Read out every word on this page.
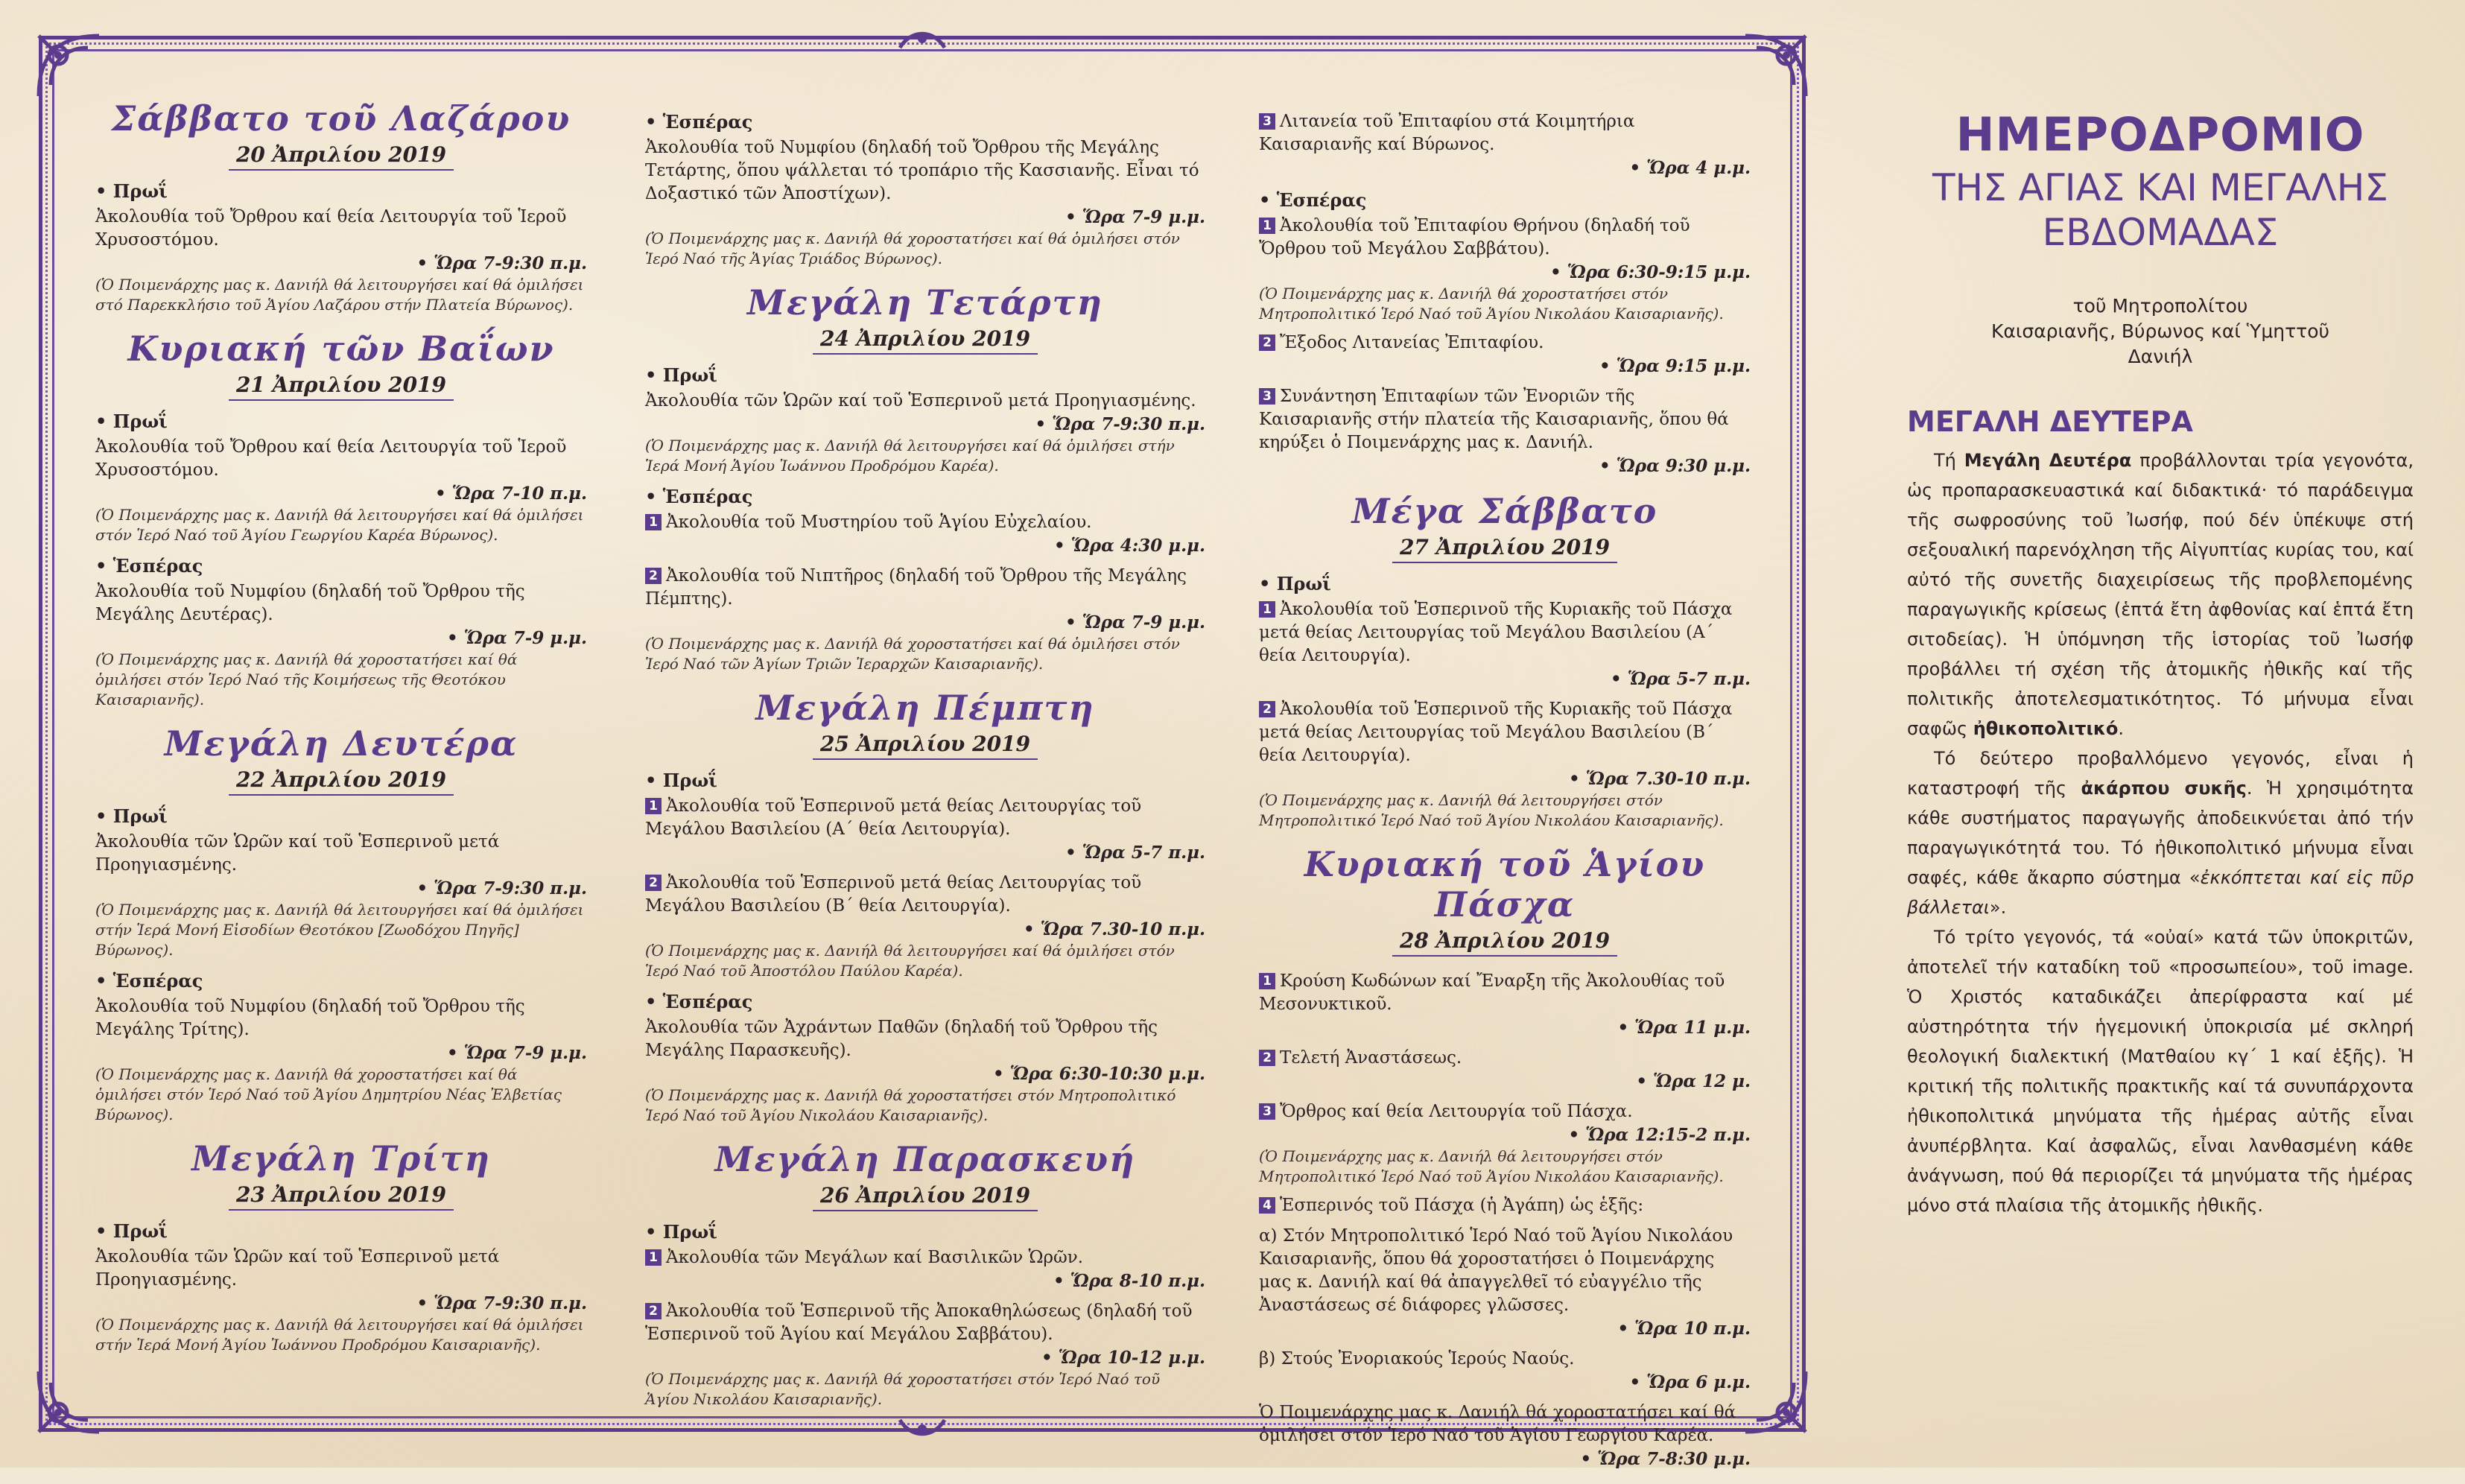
Σάββατο τοῦ Λαζάρου
20 Ἀπριλίου 2019
• Πρωΐ
Ἀκολουθία τοῦ Ὄρθρου καί θεία Λειτουργία τοῦ Ἱεροῦ Χρυσοστόμου.
• Ὥρα 7-9:30 π.μ.
(Ὁ Ποιμενάρχης μας κ. Δανιήλ θά λειτουργήσει καί θά ὁμιλήσει στό Παρεκκλήσιο τοῦ Ἁγίου Λαζάρου στήν Πλατεία Βύρωνος).
Κυριακή τῶν Βαΐων
21 Ἀπριλίου 2019
• Πρωΐ
Ἀκολουθία τοῦ Ὄρθρου καί θεία Λειτουργία τοῦ Ἱεροῦ Χρυσοστόμου.
• Ὥρα 7-10 π.μ.
(Ὁ Ποιμενάρχης μας κ. Δανιήλ θά λειτουργήσει καί θά ὁμιλήσει στόν Ἱερό Ναό τοῦ Ἁγίου Γεωργίου Καρέα Βύρωνος).
• Ἑσπέρας
Ἀκολουθία τοῦ Νυμφίου (δηλαδή τοῦ Ὄρθρου τῆς Μεγάλης Δευτέρας).
• Ὥρα 7-9 μ.μ.
(Ὁ Ποιμενάρχης μας κ. Δανιήλ θά χοροστατήσει καί θά ὁμιλήσει στόν Ἱερό Ναό τῆς Κοιμήσεως τῆς Θεοτόκου Καισαριανῆς).
Μεγάλη Δευτέρα
22 Ἀπριλίου 2019
• Πρωΐ
Ἀκολουθία τῶν Ὡρῶν καί τοῦ Ἑσπερινοῦ μετά Προηγιασμένης.
• Ὥρα 7-9:30 π.μ.
(Ὁ Ποιμενάρχης μας κ. Δανιήλ θά λειτουργήσει καί θά ὁμιλήσει στήν Ἱερά Μονή Εἰσοδίων Θεοτόκου [Ζωοδόχου Πηγῆς] Βύρωνος).
• Ἑσπέρας
Ἀκολουθία τοῦ Νυμφίου (δηλαδή τοῦ Ὄρθρου τῆς Μεγάλης Τρίτης).
• Ὥρα 7-9 μ.μ.
(Ὁ Ποιμενάρχης μας κ. Δανιήλ θά χοροστατήσει καί θά ὁμιλήσει στόν Ἱερό Ναό τοῦ Ἁγίου Δημητρίου Νέας Ἐλβετίας Βύρωνος).
Μεγάλη Τρίτη
23 Ἀπριλίου 2019
• Πρωΐ
Ἀκολουθία τῶν Ὡρῶν καί τοῦ Ἑσπερινοῦ μετά Προηγιασμένης.
• Ὥρα 7-9:30 π.μ.
(Ὁ Ποιμενάρχης μας κ. Δανιήλ θά λειτουργήσει καί θά ὁμιλήσει στήν Ἱερά Μονή Ἁγίου Ἰωάννου Προδρόμου Καισαριανῆς).
• Ἑσπέρας
Ἀκολουθία τοῦ Νυμφίου (δηλαδή τοῦ Ὄρθρου τῆς Μεγάλης Τετάρτης, ὅπου ψάλλεται τό τροπάριο τῆς Κασσιανῆς. Εἶναι τό Δοξαστικό τῶν Ἀποστίχων).
• Ὥρα 7-9 μ.μ.
(Ὁ Ποιμενάρχης μας κ. Δανιήλ θά χοροστατήσει καί θά ὁμιλήσει στόν Ἱερό Ναό τῆς Ἁγίας Τριάδος Βύρωνος).
Μεγάλη Τετάρτη
24 Ἀπριλίου 2019
• Πρωΐ
Ἀκολουθία τῶν Ὡρῶν καί τοῦ Ἑσπερινοῦ μετά Προηγιασμένης.
• Ὥρα 7-9:30 π.μ.
(Ὁ Ποιμενάρχης μας κ. Δανιήλ θά λειτουργήσει καί θά ὁμιλήσει στήν Ἱερά Μονή Ἁγίου Ἰωάννου Προδρόμου Καρέα).
• Ἑσπέρας
1 Ἀκολουθία τοῦ Μυστηρίου τοῦ Ἁγίου Εὐχελαίου.
• Ὥρα 4:30 μ.μ.
2 Ἀκολουθία τοῦ Νιπτῆρος (δηλαδή τοῦ Ὄρθρου τῆς Μεγάλης Πέμπτης).
• Ὥρα 7-9 μ.μ.
(Ὁ Ποιμενάρχης μας κ. Δανιήλ θά χοροστατήσει καί θά ὁμιλήσει στόν Ἱερό Ναό τῶν Ἁγίων Τριῶν Ἱεραρχῶν Καισαριανῆς).
Μεγάλη Πέμπτη
25 Ἀπριλίου 2019
• Πρωΐ
1 Ἀκολουθία τοῦ Ἑσπερινοῦ μετά θείας Λειτουργίας τοῦ Μεγάλου Βασιλείου (Α΄ θεία Λειτουργία).
• Ὥρα 5-7 π.μ.
2 Ἀκολουθία τοῦ Ἑσπερινοῦ μετά θείας Λειτουργίας τοῦ Μεγάλου Βασιλείου (Β΄ θεία Λειτουργία).
• Ὥρα 7.30-10 π.μ.
(Ὁ Ποιμενάρχης μας κ. Δανιήλ θά λειτουργήσει καί θά ὁμιλήσει στόν Ἱερό Ναό τοῦ Ἀποστόλου Παύλου Καρέα).
• Ἑσπέρας
Ἀκολουθία τῶν Ἀχράντων Παθῶν (δηλαδή τοῦ Ὄρθρου τῆς Μεγάλης Παρασκευῆς).
• Ὥρα 6:30-10:30 μ.μ.
(Ὁ Ποιμενάρχης μας κ. Δανιήλ θά χοροστατήσει στόν Μητροπολιτικό Ἱερό Ναό τοῦ Ἁγίου Νικολάου Καισαριανῆς).
Μεγάλη Παρασκευή
26 Ἀπριλίου 2019
• Πρωΐ
1 Ἀκολουθία τῶν Μεγάλων καί Βασιλικῶν Ὡρῶν.
• Ὥρα 8-10 π.μ.
2 Ἀκολουθία τοῦ Ἑσπερινοῦ τῆς Ἀποκαθηλώσεως (δηλαδή τοῦ Ἑσπερινοῦ τοῦ Ἁγίου καί Μεγάλου Σαββάτου).
• Ὥρα 10-12 μ.μ.
(Ὁ Ποιμενάρχης μας κ. Δανιήλ θά χοροστατήσει στόν Ἱερό Ναό τοῦ Ἁγίου Νικολάου Καισαριανῆς).
3 Λιτανεία τοῦ Ἐπιταφίου στά Κοιμητήρια Καισαριανῆς καί Βύρωνος.
• Ὥρα 4 μ.μ.
• Ἑσπέρας
1 Ἀκολουθία τοῦ Ἐπιταφίου Θρήνου (δηλαδή τοῦ Ὄρθρου τοῦ Μεγάλου Σαββάτου).
• Ὥρα 6:30-9:15 μ.μ.
(Ὁ Ποιμενάρχης μας κ. Δανιήλ θά χοροστατήσει στόν Μητροπολιτικό Ἱερό Ναό τοῦ Ἁγίου Νικολάου Καισαριανῆς).
2 Ἔξοδος Λιτανείας Ἐπιταφίου.
• Ὥρα 9:15 μ.μ.
3 Συνάντηση Ἐπιταφίων τῶν Ἐνοριῶν τῆς Καισαριανῆς στήν πλατεία τῆς Καισαριανῆς, ὅπου θά κηρύξει ὁ Ποιμενάρχης μας κ. Δανιήλ.
• Ὥρα 9:30 μ.μ.
Μέγα Σάββατο
27 Ἀπριλίου 2019
• Πρωΐ
1 Ἀκολουθία τοῦ Ἑσπερινοῦ τῆς Κυριακῆς τοῦ Πάσχα μετά θείας Λειτουργίας τοῦ Μεγάλου Βασιλείου (Α΄ θεία Λειτουργία).
• Ὥρα 5-7 π.μ.
2 Ἀκολουθία τοῦ Ἑσπερινοῦ τῆς Κυριακῆς τοῦ Πάσχα μετά θείας Λειτουργίας τοῦ Μεγάλου Βασιλείου (Β΄ θεία Λειτουργία).
• Ὥρα 7.30-10 π.μ.
(Ὁ Ποιμενάρχης μας κ. Δανιήλ θά λειτουργήσει στόν Μητροπολιτικό Ἱερό Ναό τοῦ Ἁγίου Νικολάου Καισαριανῆς).
Κυριακή τοῦ Ἁγίου Πάσχα
28 Ἀπριλίου 2019
1 Κρούση Κωδώνων καί Ἔναρξη τῆς Ἀκολουθίας τοῦ Μεσονυκτικοῦ.
• Ὥρα 11 μ.μ.
2 Τελετή Ἀναστάσεως.
• Ὥρα 12 μ.
3 Ὄρθρος καί θεία Λειτουργία τοῦ Πάσχα.
• Ὥρα 12:15-2 π.μ.
(Ὁ Ποιμενάρχης μας κ. Δανιήλ θά λειτουργήσει στόν Μητροπολιτικό Ἱερό Ναό τοῦ Ἁγίου Νικολάου Καισαριανῆς).
4 Ἑσπερινός τοῦ Πάσχα (ἡ Ἀγάπη) ὡς ἑξῆς:
α) Στόν Μητροπολιτικό Ἱερό Ναό τοῦ Ἁγίου Νικολάου Καισαριανῆς, ὅπου θά χοροστατήσει ὁ Ποιμενάρχης μας κ. Δανιήλ καί θά ἀπαγγελθεῖ τό εὐαγγέλιο τῆς Ἀναστάσεως σέ διάφορες γλῶσσες.
• Ὥρα 10 π.μ.
β) Στούς Ἐνοριακούς Ἱερούς Ναούς.
• Ὥρα 6 μ.μ.
Ὁ Ποιμενάρχης μας κ. Δανιήλ θά χοροστατήσει καί θά ὁμιλήσει στόν Ἱερό Ναό τοῦ Ἁγίου Γεωργίου Καρέα.
• Ὥρα 7-8:30 μ.μ.
ΗΜΕΡΟΔΡΟΜΙΟ
ΤΗΣ ΑΓΙΑΣ ΚΑΙ ΜΕΓΑΛΗΣ
ΕΒΔΟΜΑΔΑΣ
τοῦ Μητροπολίτου
Καισαριανῆς, Βύρωνος καί Ὑμηττοῦ
Δανιήλ
ΜΕΓΑΛΗ ΔΕΥΤΕΡΑ

Τή Μεγάλη Δευτέρα προβάλλονται τρία γεγονότα, ὡς προπαρασκευαστικά καί διδακτικά· τό παράδειγμα τῆς σωφροσύνης τοῦ Ἰωσήφ, πού δέν ὑπέκυψε στή σεξουαλική παρενόχληση τῆς Αἰγυπτίας κυρίας του, καί αὐτό τῆς συνετῆς διαχειρίσεως τῆς προβλεπομένης παραγωγικῆς κρίσεως (ἑπτά ἔτη ἀφθονίας καί ἑπτά ἔτη σιτοδείας). Ἡ ὑπόμνηση τῆς ἱστορίας τοῦ Ἰωσήφ προβάλλει τή σχέση τῆς ἀτομικῆς ἠθικῆς καί τῆς πολιτικῆς ἀποτελεσματικότητος. Τό μήνυμα εἶναι σαφῶς ἠθικοπολιτικό.

Τό δεύτερο προβαλλόμενο γεγονός, εἶναι ἡ καταστροφή τῆς ἀκάρπου συκῆς. Ἡ χρησιμότητα κάθε συστήματος παραγωγῆς ἀποδεικνύεται ἀπό τήν παραγωγικότητά του. Τό ἠθικοπολιτικό μήνυμα εἶναι σαφές, κάθε ἄκαρπο σύστημα «ἐκκόπτεται καί εἰς πῦρ βάλλεται».

Τό τρίτο γεγονός, τά «οὐαί» κατά τῶν ὑποκριτῶν, ἀποτελεῖ τήν καταδίκη τοῦ «προσωπείου», τοῦ image. Ὁ Χριστός καταδικάζει ἀπερίφραστα καί μέ αὐστηρότητα τήν ἡγεμονική ὑποκρισία μέ σκληρή θεολογική διαλεκτική (Ματθαίου κγ΄ 1 καί ἑξῆς). Ἡ κριτική τῆς πολιτικῆς πρακτικῆς καί τά συνυπάρχοντα ἠθικοπολιτικά μηνύματα τῆς ἡμέρας αὐτῆς εἶναι ἀνυπέρβλητα. Καί ἀσφαλῶς, εἶναι λανθασμένη κάθε ἀνάγνωση, πού θά περιορίζει τά μηνύματα τῆς ἡμέρας μόνο στά πλαίσια τῆς ἀτομικῆς ἠθικῆς.
